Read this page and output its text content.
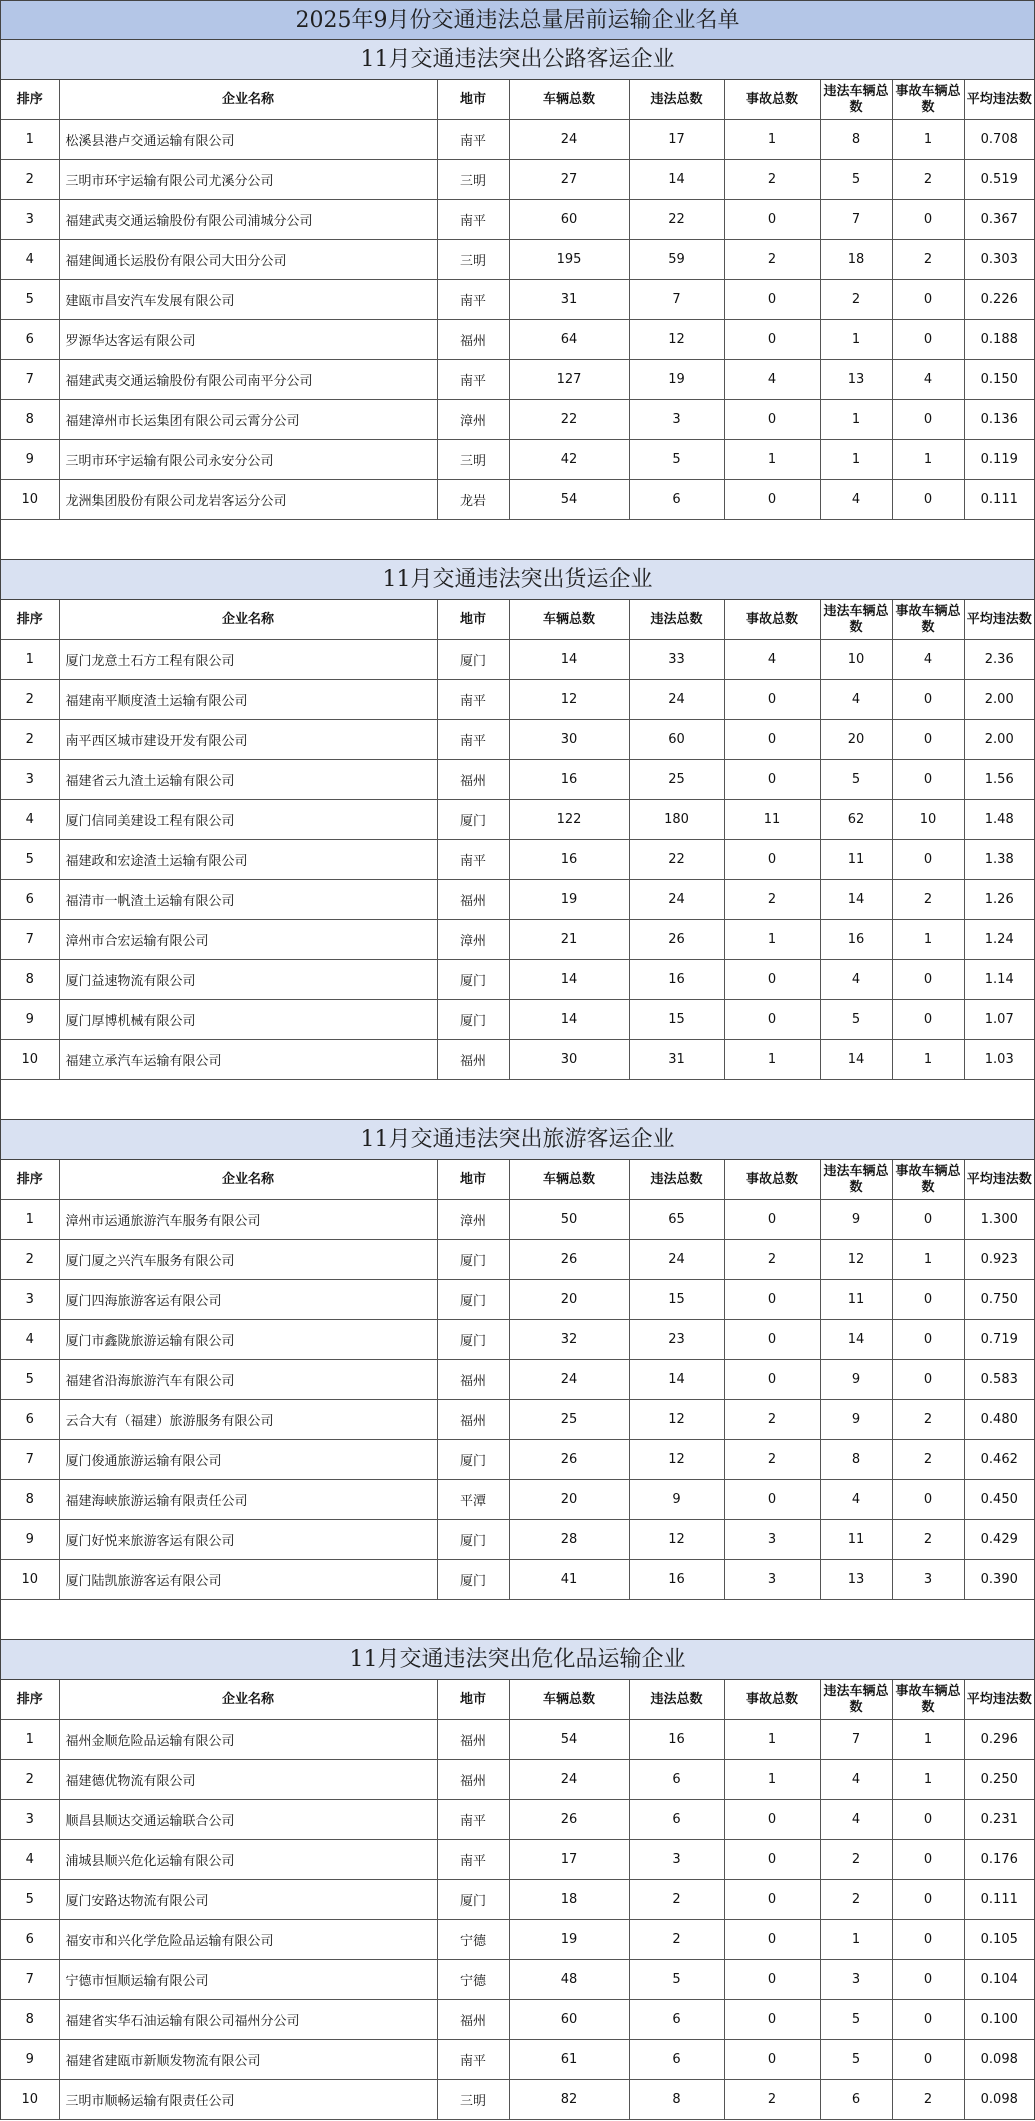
2025年9月份交通违法总量居前运输企业名单
11月交通违法突出公路客运企业
排序	企业名称	地市	车辆总数	违法总数	事故总数	违法车辆总数	事故车辆总数	平均违法数
1	松溪县港卢交通运输有限公司	南平	24	17	1	8	1	0.708
2	三明市环宇运输有限公司尤溪分公司	三明	27	14	2	5	2	0.519
3	福建武夷交通运输股份有限公司浦城分公司	南平	60	22	0	7	0	0.367
4	福建闽通长运股份有限公司大田分公司	三明	195	59	2	18	2	0.303
5	建瓯市昌安汽车发展有限公司	南平	31	7	0	2	0	0.226
6	罗源华达客运有限公司	福州	64	12	0	1	0	0.188
7	福建武夷交通运输股份有限公司南平分公司	南平	127	19	4	13	4	0.150
8	福建漳州市长运集团有限公司云霄分公司	漳州	22	3	0	1	0	0.136
9	三明市环宇运输有限公司永安分公司	三明	42	5	1	1	1	0.119
10	龙洲集团股份有限公司龙岩客运分公司	龙岩	54	6	0	4	0	0.111
11月交通违法突出货运企业
排序	企业名称	地市	车辆总数	违法总数	事故总数	违法车辆总数	事故车辆总数	平均违法数
1	厦门龙意土石方工程有限公司	厦门	14	33	4	10	4	2.36
2	福建南平顺度渣土运输有限公司	南平	12	24	0	4	0	2.00
2	南平西区城市建设开发有限公司	南平	30	60	0	20	0	2.00
3	福建省云九渣土运输有限公司	福州	16	25	0	5	0	1.56
4	厦门信同美建设工程有限公司	厦门	122	180	11	62	10	1.48
5	福建政和宏途渣土运输有限公司	南平	16	22	0	11	0	1.38
6	福清市一帆渣土运输有限公司	福州	19	24	2	14	2	1.26
7	漳州市合宏运输有限公司	漳州	21	26	1	16	1	1.24
8	厦门益速物流有限公司	厦门	14	16	0	4	0	1.14
9	厦门厚博机械有限公司	厦门	14	15	0	5	0	1.07
10	福建立承汽车运输有限公司	福州	30	31	1	14	1	1.03
11月交通违法突出旅游客运企业
排序	企业名称	地市	车辆总数	违法总数	事故总数	违法车辆总数	事故车辆总数	平均违法数
1	漳州市运通旅游汽车服务有限公司	漳州	50	65	0	9	0	1.300
2	厦门厦之兴汽车服务有限公司	厦门	26	24	2	12	1	0.923
3	厦门四海旅游客运有限公司	厦门	20	15	0	11	0	0.750
4	厦门市鑫陇旅游运输有限公司	厦门	32	23	0	14	0	0.719
5	福建省沿海旅游汽车有限公司	福州	24	14	0	9	0	0.583
6	云合大有（福建）旅游服务有限公司	福州	25	12	2	9	2	0.480
7	厦门俊通旅游运输有限公司	厦门	26	12	2	8	2	0.462
8	福建海峡旅游运输有限责任公司	平潭	20	9	0	4	0	0.450
9	厦门好悦来旅游客运有限公司	厦门	28	12	3	11	2	0.429
10	厦门陆凯旅游客运有限公司	厦门	41	16	3	13	3	0.390
11月交通违法突出危化品运输企业
排序	企业名称	地市	车辆总数	违法总数	事故总数	违法车辆总数	事故车辆总数	平均违法数
1	福州金顺危险品运输有限公司	福州	54	16	1	7	1	0.296
2	福建德优物流有限公司	福州	24	6	1	4	1	0.250
3	顺昌县顺达交通运输联合公司	南平	26	6	0	4	0	0.231
4	浦城县顺兴危化运输有限公司	南平	17	3	0	2	0	0.176
5	厦门安路达物流有限公司	厦门	18	2	0	2	0	0.111
6	福安市和兴化学危险品运输有限公司	宁德	19	2	0	1	0	0.105
7	宁德市恒顺运输有限公司	宁德	48	5	0	3	0	0.104
8	福建省实华石油运输有限公司福州分公司	福州	60	6	0	5	0	0.100
9	福建省建瓯市新顺发物流有限公司	南平	61	6	0	5	0	0.098
10	三明市顺畅运输有限责任公司	三明	82	8	2	6	2	0.098
